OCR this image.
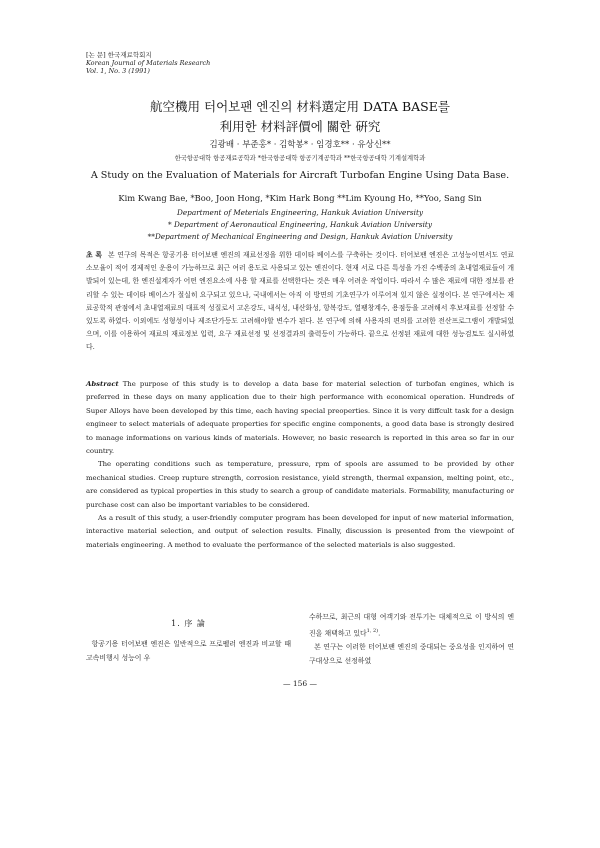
[논 문] 한국재료학회지
Korean Journal of Materials Research
Vol. 1, No. 3 (1991)
航空機用 터어보팬 엔진의 材料選定用 DATA BASE를
利用한 材料評價에 關한 硏究
김광배 · 부준홍* · 김학봉* · 임경호** · 유상신**
한국항공대학 항공재료공학과 *한국항공대학 항공기계공학과 **한국항공대학 기계설계학과
A Study on the Evaluation of Materials for Aircraft Turbofan Engine Using Data Base.
Kim Kwang Bae, *Boo, Joon Hong, *Kim Hark Bong **Lim Kyoung Ho, **Yoo, Sang Sin
Department of Meterials Engineering, Hankuk Aviation University
* Department of Aeronautical Engineering, Hankuk Aviation University
**Department of Mechanical Engineering and Design, Hankuk Aviation University
초 록 본 연구의 목적은 항공기용 터어보팬 엔진의 재료선정을 위한 데이타 베이스를 구축하는 것이다. 터어보팬 엔진은 고성능이면서도 연료소모율이 적어 경제적인 운용이 가능하므로 최근 여러 용도로 사용되고 있는 엔진이다. 현재 서로 다른 특성을 가진 수백종의 초내열재료들이 개발되어 있는데, 한 엔진설계자가 어떤 엔진요소에 사용 할 재료를 선택한다는 것은 매우 어려운 작업이다. 따라서 수 많은 재료에 대한 정보를 관리할 수 있는 데이타 베이스가 절실히 요구되고 있으나, 국내에서는 아직 이 방면의 기초연구가 이루어져 있지 않은 실정이다. 본 연구에서는 재료공학적 관점에서 초내열재료의 대표적 성질로서 고온강도, 내식성, 내산화성, 항복강도, 열팽창계수, 용점등을 고려해서 후보재료를 선정할 수 있도록 하였다. 이외에도 성형성이나 제조단가등도 고려해야할 변수가 된다. 본 연구에 의해 사용자의 편의를 고려한 전산프로그램이 개발되었으며, 이를 이용하여 재료의 재료정보 입력, 요구 재료선정 및 선정결과의 출력등이 가능하다. 끝으로 선정된 재료에 대한 성능검토도 실시하였다.

Abstract The purpose of this study is to develop a data base for material selection of turbofan engines, which is preferred in these days on many application due to their high performance with economical operation. Hundreds of Super Alloys have been developed by this time, each having special preoperties. Since it is very diffcult task for a design engineer to select materials of adequate properties for specific engine components, a good data base is strongly desired to manage informations on various kinds of materials. However, no basic research is reported in this area so far in our country.

The operating conditions such as temperature, pressure, rpm of spools are assumed to be provided by other mechanical studies. Creep rupture strength, corrosion resistance, yield strength, thermal expansion, melting point, etc., are considered as typical properties in this study to search a group of candidate materials. Formability, manufacturing or purchase cost can also be important variables to be considered.

As a result of this study, a user-friendly computer program has been developed for input of new material information, interactive material selection, and output of selection results. Finally, discussion is presented from the viewpoint of materials engineering. A method to evaluate the performance of the selected materials is also suggested.

1. 序 論

항공기용 터어보팬 엔진은 일반적으로 프로펠러 엔진과 비교할 때 고속비행시 성능이 우

수하므로, 최근의 대형 여객기와 전투기는 대체적으로 이 방식의 엔진을 채택하고 있다$^{1, 2)}$.

본 연구는 이러한 터어보팬 엔진의 중대되는 중요성을 인지하여 연구대상으로 선정하였

— 156 —
